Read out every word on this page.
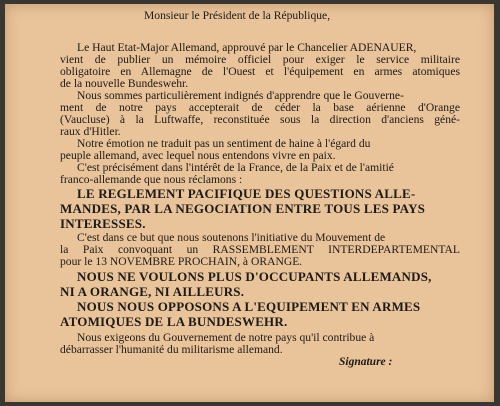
Monsieur le Président de la République,
Le Haut Etat-Major Allemand, approuvé par le Chancelier ADENAUER,
vient de publier un mémoire officiel pour exiger le service militaire
obligatoire en Allemagne de l'Ouest et l'équipement en armes atomiques
de la nouvelle Bundeswehr.
Nous sommes particulièrement indignés d'apprendre que le Gouverne-
ment de notre pays accepterait de céder la base aérienne d'Orange
(Vaucluse) à la Luftwaffe, reconstituée sous la direction d'anciens géné-
raux d'Hitler.
Notre émotion ne traduit pas un sentiment de haine à l'égard du
peuple allemand, avec lequel nous entendons vivre en paix.
C'est précisément dans l'intérêt de la France, de la Paix et de l'amitié
franco-allemande que nous réclamons :
LE REGLEMENT PACIFIQUE DES QUESTIONS ALLE-
MANDES, PAR LA NEGOCIATION ENTRE TOUS LES PAYS
INTERESSES.
C'est dans ce but que nous soutenons l'initiative du Mouvement de
la Paix convoquant un RASSEMBLEMENT INTERDEPARTEMENTAL
pour le 13 NOVEMBRE PROCHAIN, à ORANGE.
NOUS NE VOULONS PLUS D'OCCUPANTS ALLEMANDS,
NI A ORANGE, NI AILLEURS.
NOUS NOUS OPPOSONS A L'EQUIPEMENT EN ARMES
ATOMIQUES DE LA BUNDESWEHR.
Nous exigeons du Gouvernement de notre pays qu'il contribue à
débarrasser l'humanité du militarisme allemand.
Signature :
